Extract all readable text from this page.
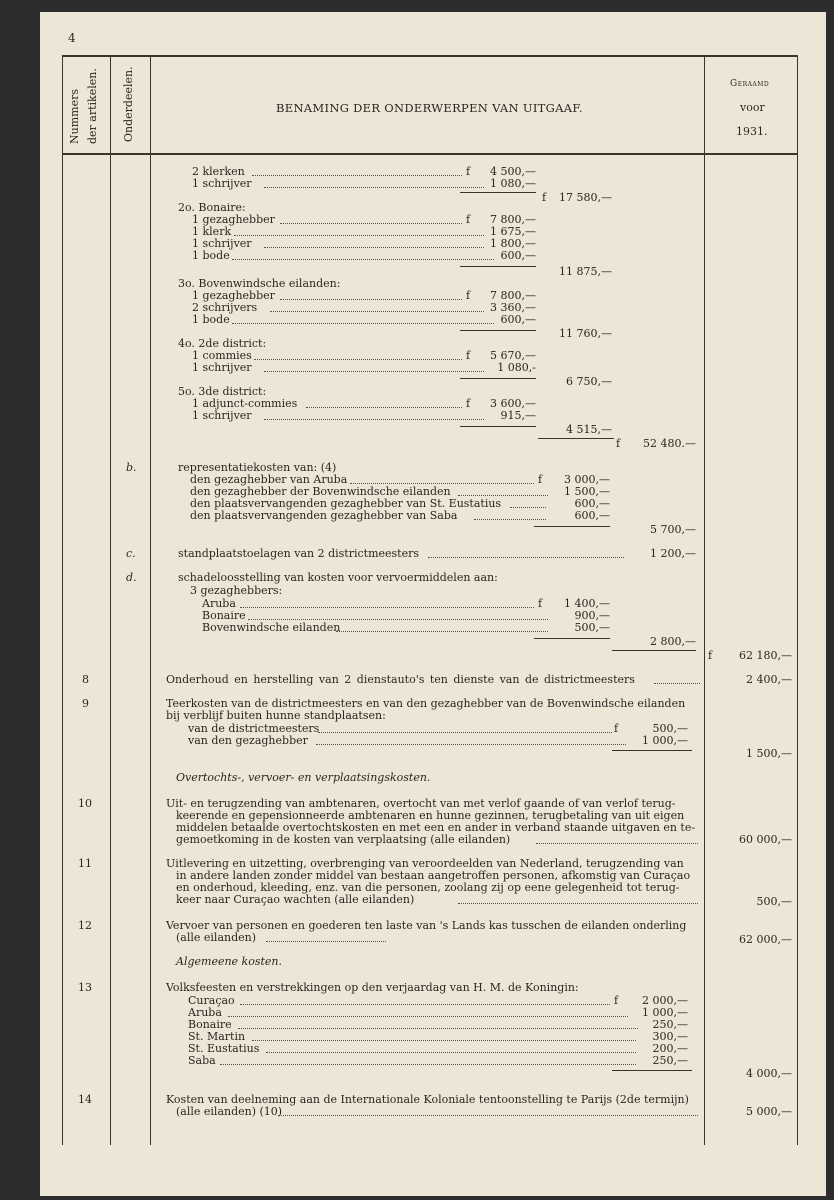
4
Nummers der artikelen. Onderdeelen.	BENAMING DER ONDERWERPEN VAN UITGAAF.
Geraamd
voor
1931.
2 klerken	f	4 500,—
1 schrijver	1 080,—
f	17 580,—
2o. Bonaire:
1 gezaghebber	f	7 800,—
1 klerk	1 675,—
1 schrijver	1 800,—
1 bode	600,—
11 875,—
3o. Bovenwindsche eilanden:
1 gezaghebber	f	7 800,—
2 schrijvers	3 360,—
1 bode	600,—
11 760,—
4o. 2de district:
1 commies	f	5 670,—
1 schrijver	1 080,-
6 750,—
5o. 3de district:
1 adjunct-commies	f	3 600,—
1 schrijver	915,—
4 515,—
f	52 480.—
b.	representatiekosten van: (4)
den gezaghebber van Aruba	f	3 000,—
den gezaghebber der Bovenwindsche eilanden	1 500,—
den plaatsvervangenden gezaghebber van St. Eustatius	600,—
den plaatsvervangenden gezaghebber van Saba	600,—
5 700,—
c.	standplaatstoelagen van 2 districtmeesters	1 200,—
d.	schadeloosstelling van kosten voor vervoermiddelen aan:
3 gezaghebbers:
Aruba	f	1 400,—
Bonaire	900,—
Bovenwindsche eilanden	500,—
2 800,—
f	62 180,—
8	Onderhoud en herstelling van 2 dienstauto's ten dienste van de districtmeesters	2 400,—
9	Teerkosten van de districtmeesters en van den gezaghebber van de Bovenwindsche eilanden
bij verblijf buiten hunne standplaatsen:
van de districtmeesters	f	500,—
van den gezaghebber	1 000,—
1 500,—
Overtochts-, vervoer- en verplaatsingskosten.
10	Uit- en terugzending van ambtenaren, overtocht van met verlof gaande of van verlof terug-
keerende en gepensionneerde ambtenaren en hunne gezinnen, terugbetaling van uit eigen
middelen betaalde overtochtskosten en met een en ander in verband staande uitgaven en te-
gemoetkoming in de kosten van verplaatsing (alle eilanden)	60 000,—
11	Uitlevering en uitzetting, overbrenging van veroordeelden van Nederland, terugzending van
in andere landen zonder middel van bestaan aangetroffen personen, afkomstig van Curaçao
en onderhoud, kleeding, enz. van die personen, zoolang zij op eene gelegenheid tot terug-
keer naar Curaçao wachten (alle eilanden)	500,—
12	Vervoer van personen en goederen ten laste van 's Lands kas tusschen de eilanden onderling
(alle eilanden)	62 000,—
Algemeene kosten.
13	Volksfeesten en verstrekkingen op den verjaardag van H. M. de Koningin:
Curaçao	f	2 000,—
Aruba	1 000,—
Bonaire	250,—
St. Martin	300,—
St. Eustatius	200,—
Saba	250,—
4 000,—
14	Kosten van deelneming aan de Internationale Koloniale tentoonstelling te Parijs (2de termijn)
(alle eilanden) (10)	5 000,—
